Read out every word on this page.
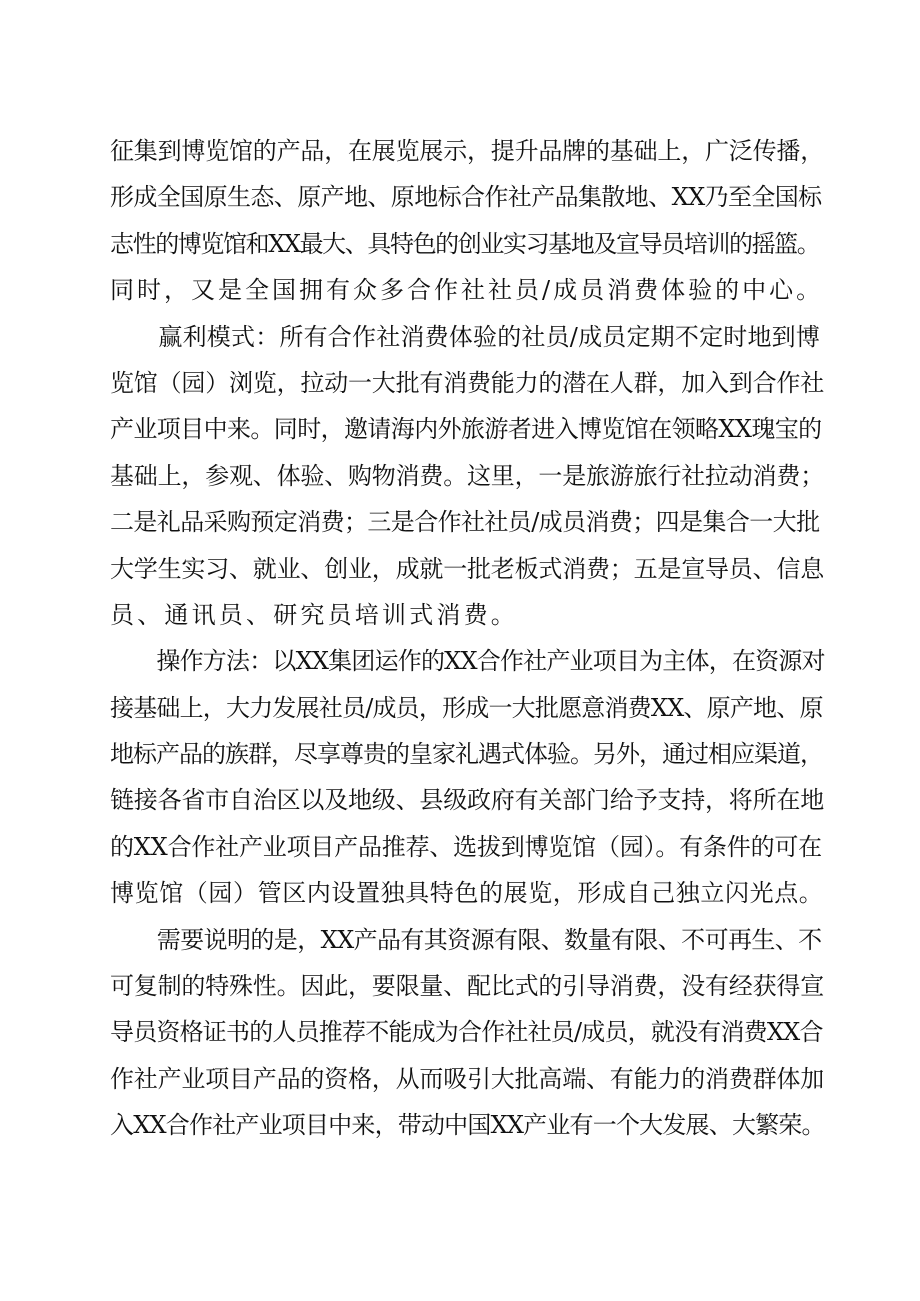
征集到博览馆的产品，在展览展示，提升品牌的基础上，广泛传播，
形成全国原生态、原产地、原地标合作社产品集散地、XX乃至全国标
志性的博览馆和XX最大、具特色的创业实习基地及宣导员培训的摇篮。
同时，又是全国拥有众多合作社社员/成员消费体验的中心。

　　赢利模式：所有合作社消费体验的社员/成员定期不定时地到博
览馆（园）浏览，拉动一大批有消费能力的潜在人群，加入到合作社
产业项目中来。同时，邀请海内外旅游者进入博览馆在领略XX瑰宝的
基础上，参观、体验、购物消费。这里，一是旅游旅行社拉动消费；
二是礼品采购预定消费；三是合作社社员/成员消费；四是集合一大批
大学生实习、就业、创业，成就一批老板式消费；五是宣导员、信息
员、通讯员、研究员培训式消费。

　　操作方法：以XX集团运作的XX合作社产业项目为主体，在资源对
接基础上，大力发展社员/成员，形成一大批愿意消费XX、原产地、原
地标产品的族群，尽享尊贵的皇家礼遇式体验。另外，通过相应渠道，
链接各省市自治区以及地级、县级政府有关部门给予支持，将所在地
的XX合作社产业项目产品推荐、选拔到博览馆（园）。有条件的可在
博览馆（园）管区内设置独具特色的展览，形成自己独立闪光点。

　　需要说明的是，XX产品有其资源有限、数量有限、不可再生、不
可复制的特殊性。因此，要限量、配比式的引导消费，没有经获得宣
导员资格证书的人员推荐不能成为合作社社员/成员，就没有消费XX合
作社产业项目产品的资格，从而吸引大批高端、有能力的消费群体加
入XX合作社产业项目中来，带动中国XX产业有一个大发展、大繁荣。
